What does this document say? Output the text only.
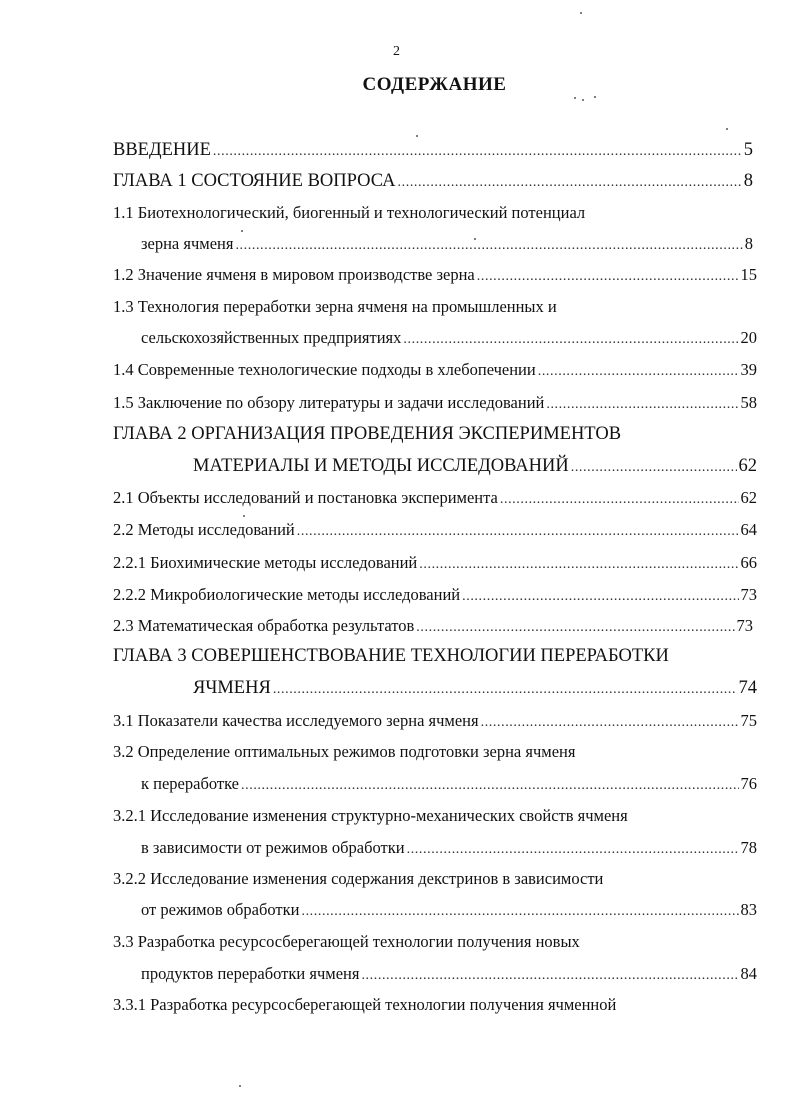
2
СОДЕРЖАНИЕ
ВВЕДЕНИЕ .....	5
ГЛАВА 1 СОСТОЯНИЕ ВОПРОСА .....	8
1.1 Биотехнологический, биогенный и технологический потенциал
зерна ячменя .....	8
1.2 Значение ячменя в мировом производстве зерна .....	15
1.3 Технология переработки зерна ячменя на промышленных и
сельскохозяйственных предприятиях .....	20
1.4 Современные технологические подходы в хлебопечении .....	39
1.5 Заключение по обзору литературы и задачи исследований .....	58
ГЛАВА 2 ОРГАНИЗАЦИЯ ПРОВЕДЕНИЯ ЭКСПЕРИМЕНТОВ
МАТЕРИАЛЫ И МЕТОДЫ ИССЛЕДОВАНИЙ .....	62
2.1 Объекты исследований и постановка эксперимента .....	62
2.2 Методы исследований .....	64
2.2.1 Биохимические методы исследований .....	66
2.2.2 Микробиологические методы исследований .....	73
2.3 Математическая обработка результатов .....	73
ГЛАВА 3 СОВЕРШЕНСТВОВАНИЕ ТЕХНОЛОГИИ ПЕРЕРАБОТКИ
ЯЧМЕНЯ .....	74
3.1 Показатели качества исследуемого зерна ячменя .....	75
3.2 Определение оптимальных режимов подготовки зерна ячменя
к переработке .....	76
3.2.1 Исследование изменения структурно-механических свойств ячменя
в зависимости от режимов обработки .....	78
3.2.2 Исследование изменения содержания декстринов в зависимости
от режимов обработки .....	83
3.3 Разработка ресурсосберегающей технологии получения новых
продуктов переработки ячменя .....	84
3.3.1 Разработка ресурсосберегающей технологии получения ячменной
